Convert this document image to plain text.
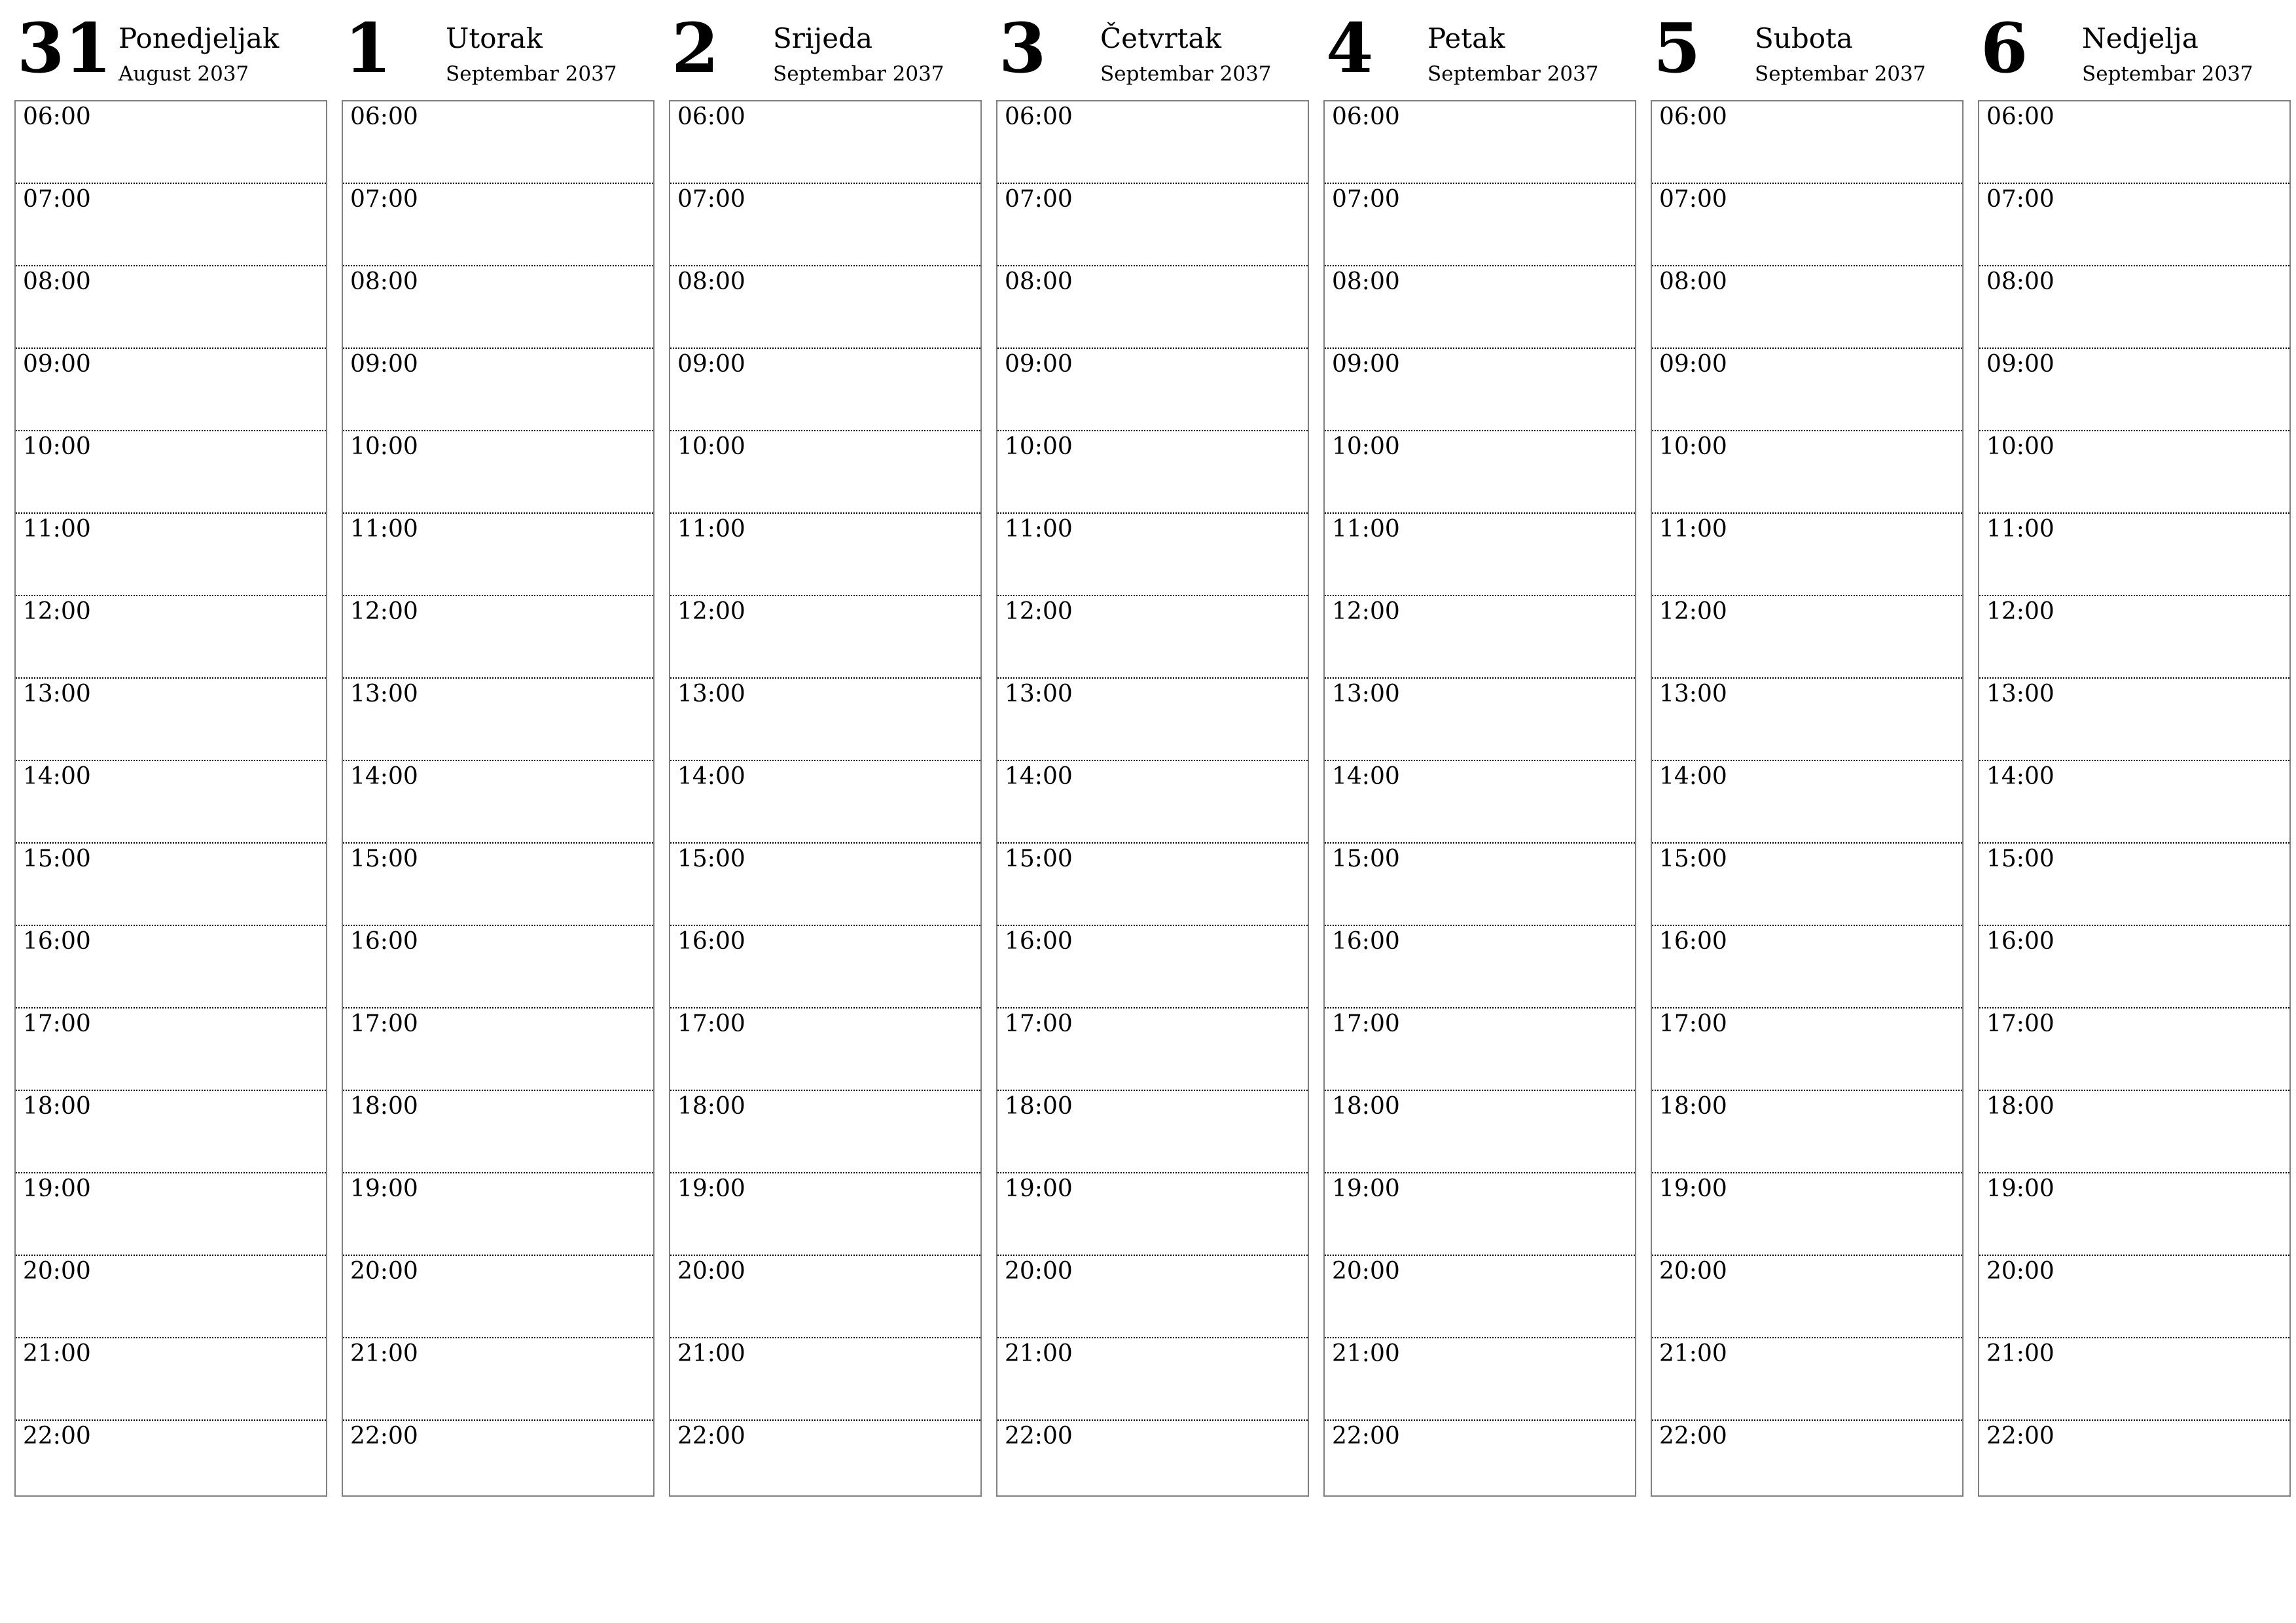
31 Ponedjeljak
August 2037
06:00
07:00
08:00
09:00
10:00
11:00
12:00
13:00
14:00
15:00
16:00
17:00
18:00
19:00
20:00
21:00
22:00
1 Utorak
Septembar 2037
06:00
07:00
08:00
09:00
10:00
11:00
12:00
13:00
14:00
15:00
16:00
17:00
18:00
19:00
20:00
21:00
22:00
2 Srijeda
Septembar 2037
06:00
07:00
08:00
09:00
10:00
11:00
12:00
13:00
14:00
15:00
16:00
17:00
18:00
19:00
20:00
21:00
22:00
3 Četvrtak
Septembar 2037
06:00
07:00
08:00
09:00
10:00
11:00
12:00
13:00
14:00
15:00
16:00
17:00
18:00
19:00
20:00
21:00
22:00
4 Petak
Septembar 2037
06:00
07:00
08:00
09:00
10:00
11:00
12:00
13:00
14:00
15:00
16:00
17:00
18:00
19:00
20:00
21:00
22:00
5 Subota
Septembar 2037
06:00
07:00
08:00
09:00
10:00
11:00
12:00
13:00
14:00
15:00
16:00
17:00
18:00
19:00
20:00
21:00
22:00
6 Nedjelja
Septembar 2037
06:00
07:00
08:00
09:00
10:00
11:00
12:00
13:00
14:00
15:00
16:00
17:00
18:00
19:00
20:00
21:00
22:00
